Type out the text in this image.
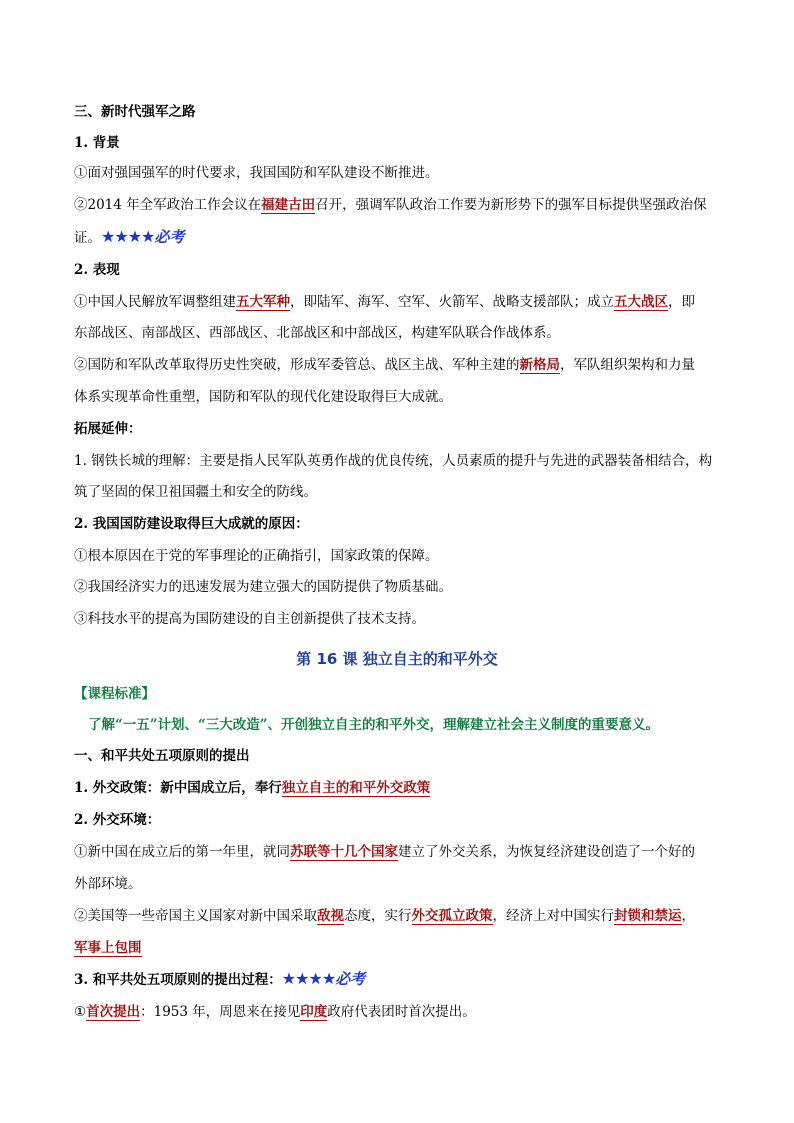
三、新时代强军之路
1. 背景
①面对强国强军的时代要求，我国国防和军队建设不断推进。
②2014 年全军政治工作会议在福建古田召开，强调军队政治工作要为新形势下的强军目标提供坚强政治保
证。★★★★必考
2. 表现
①中国人民解放军调整组建五大军种，即陆军、海军、空军、火箭军、战略支援部队；成立五大战区，即
东部战区、南部战区、西部战区、北部战区和中部战区，构建军队联合作战体系。
②国防和军队改革取得历史性突破，形成军委管总、战区主战、军种主建的新格局，军队组织架构和力量
体系实现革命性重塑，国防和军队的现代化建设取得巨大成就。
拓展延伸：
1. 钢铁长城的理解：主要是指人民军队英勇作战的优良传统，人员素质的提升与先进的武器装备相结合，构
筑了坚固的保卫祖国疆土和安全的防线。
2. 我国国防建设取得巨大成就的原因：
①根本原因在于党的军事理论的正确指引，国家政策的保障。
②我国经济实力的迅速发展为建立强大的国防提供了物质基础。
③科技水平的提高为国防建设的自主创新提供了技术支持。
第 16 课 独立自主的和平外交
【课程标准】
了解“一五”计划、“三大改造”、开创独立自主的和平外交，理解建立社会主义制度的重要意义。
一、和平共处五项原则的提出
1. 外交政策：新中国成立后，奉行独立自主的和平外交政策
2. 外交环境：
①新中国在成立后的第一年里，就同苏联等十几个国家建立了外交关系，为恢复经济建设创造了一个好的
外部环境。
②美国等一些帝国主义国家对新中国采取敌视态度，实行外交孤立政策，经济上对中国实行封锁和禁运，
军事上包围
3. 和平共处五项原则的提出过程：★★★★必考
①首次提出：1953 年，周恩来在接见印度政府代表团时首次提出。
